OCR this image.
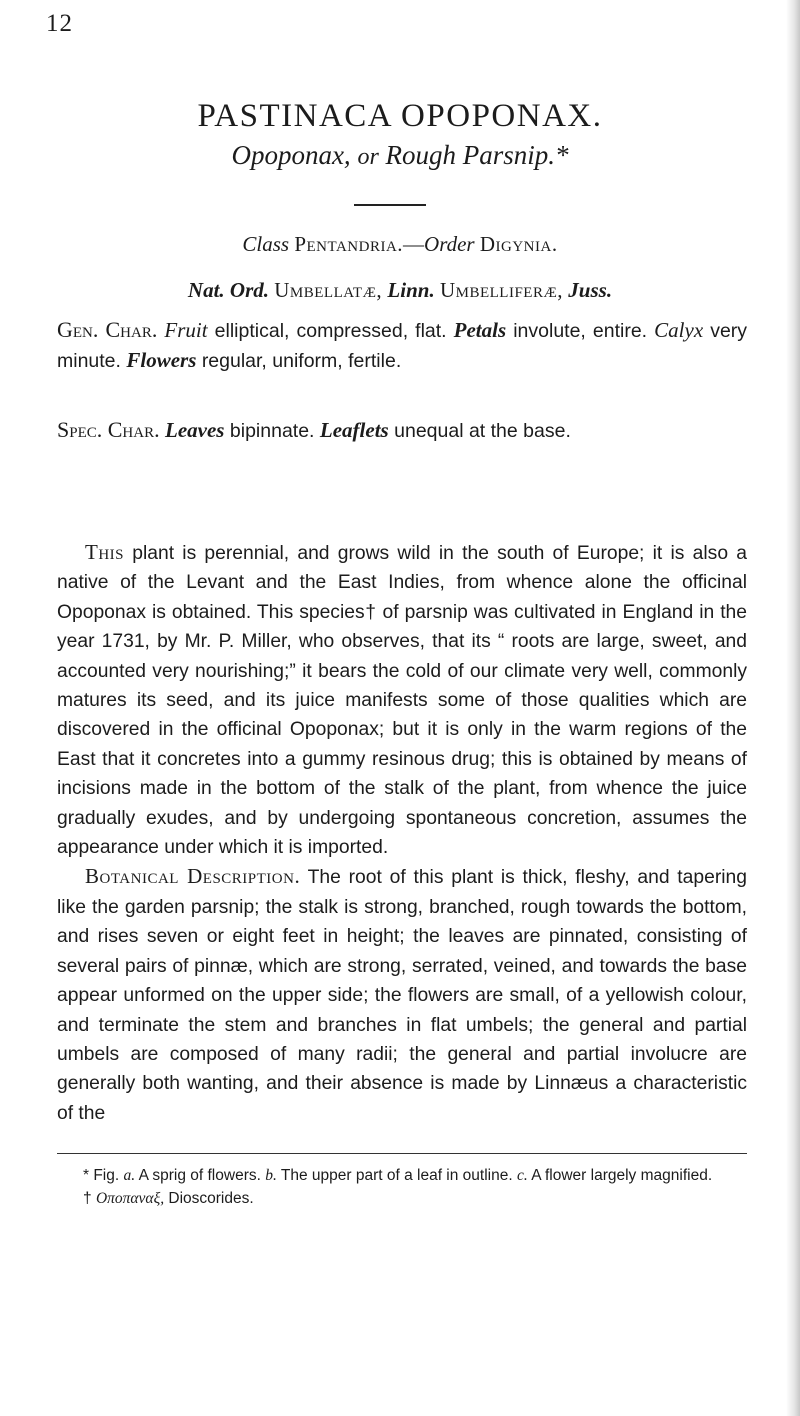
12
PASTINACA OPOPONAX.
Opoponax, or Rough Parsnip.*
Class Pentandria.—Order Digynia.
Nat. Ord. Umbellatæ, Linn. Umbelliferæ, Juss.
Gen. Char. Fruit elliptical, compressed, flat. Petals involute, entire. Calyx very minute. Flowers regular, uniform, fertile.
Spec. Char. Leaves bipinnate. Leaflets unequal at the base.

This plant is perennial, and grows wild in the south of Europe; it is also a native of the Levant and the East Indies, from whence alone the officinal Opoponax is obtained. This species† of parsnip was cultivated in England in the year 1731, by Mr. P. Miller, who observes, that its “ roots are large, sweet, and accounted very nourishing;” it bears the cold of our climate very well, commonly matures its seed, and its juice manifests some of those qualities which are discovered in the officinal Opoponax; but it is only in the warm regions of the East that it concretes into a gummy resinous drug; this is obtained by means of incisions made in the bottom of the stalk of the plant, from whence the juice gradually exudes, and by undergoing spontaneous concretion, assumes the appearance under which it is imported.

Botanical Description. The root of this plant is thick, fleshy, and tapering like the garden parsnip; the stalk is strong, branched, rough towards the bottom, and rises seven or eight feet in height; the leaves are pinnated, consisting of several pairs of pinnæ, which are strong, serrated, veined, and towards the base appear unformed on the upper side; the flowers are small, of a yellowish colour, and terminate the stem and branches in flat umbels; the general and partial umbels are composed of many radii; the general and partial involucre are generally both wanting, and their absence is made by Linnæus a characteristic of the

* Fig. a. A sprig of flowers. b. The upper part of a leaf in outline. c. A flower largely magnified.

† Οποπαναξ, Dioscorides.
